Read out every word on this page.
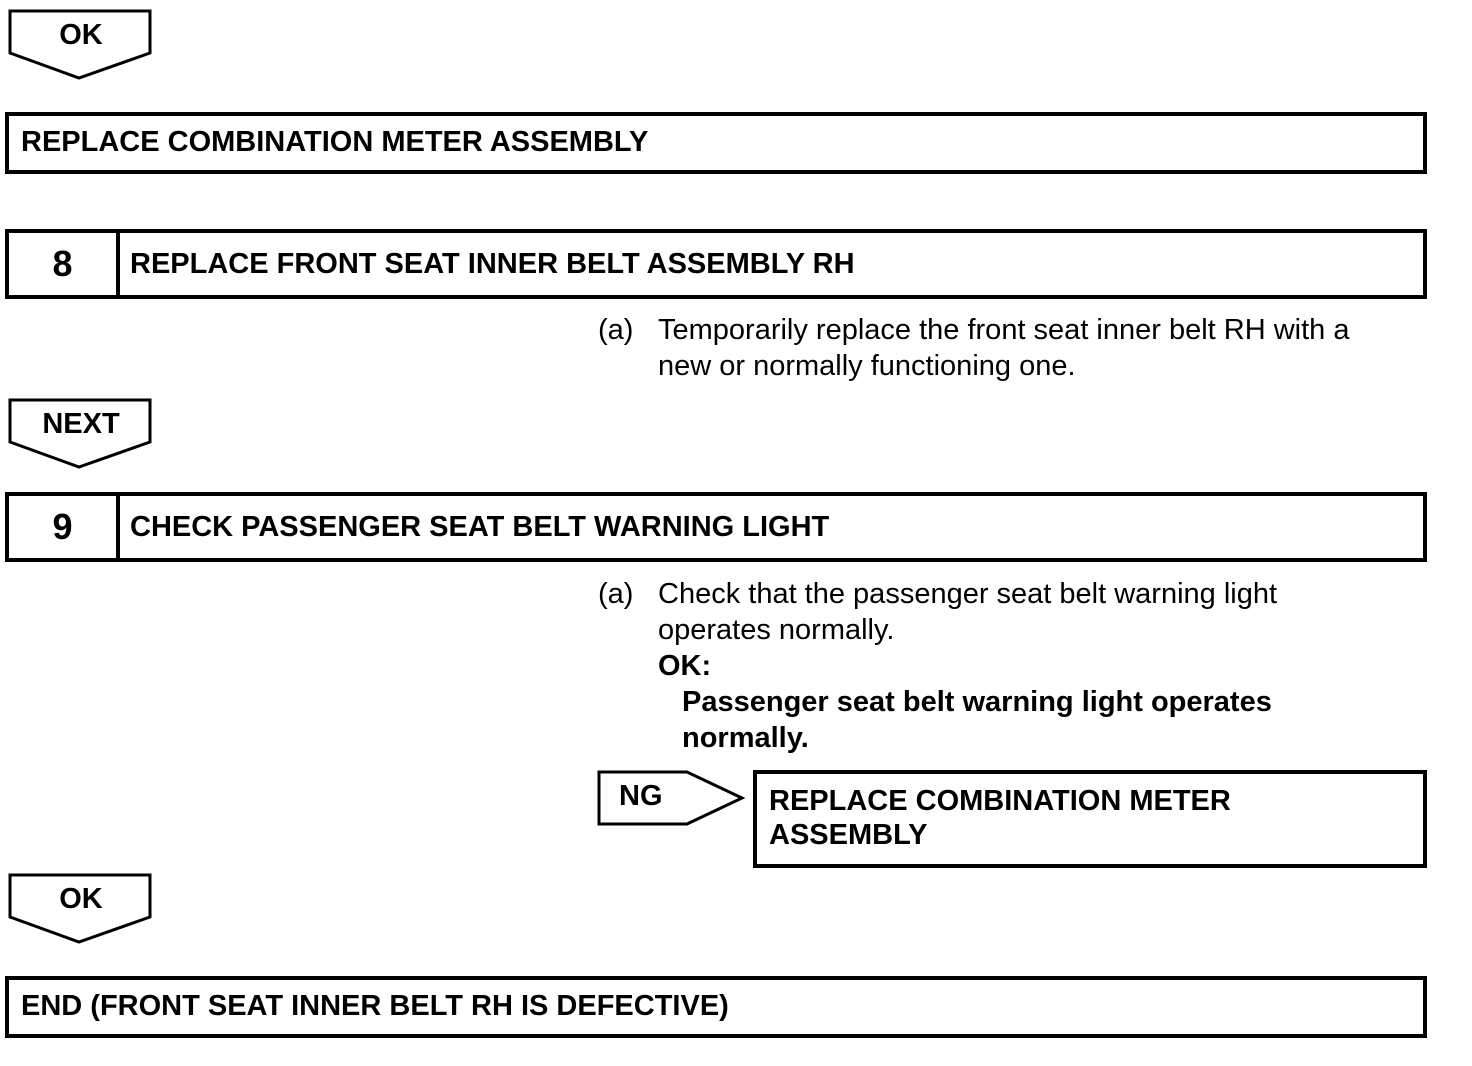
OK
REPLACE COMBINATION METER ASSEMBLY
8	REPLACE FRONT SEAT INNER BELT ASSEMBLY RH
(a) Temporarily replace the front seat inner belt RH with a
new or normally functioning one.
NEXT
9	CHECK PASSENGER SEAT BELT WARNING LIGHT
(a) Check that the passenger seat belt warning light
operates normally.
OK:
Passenger seat belt warning light operates
normally.
NG	REPLACE COMBINATION METER
ASSEMBLY
OK
END (FRONT SEAT INNER BELT RH IS DEFECTIVE)
